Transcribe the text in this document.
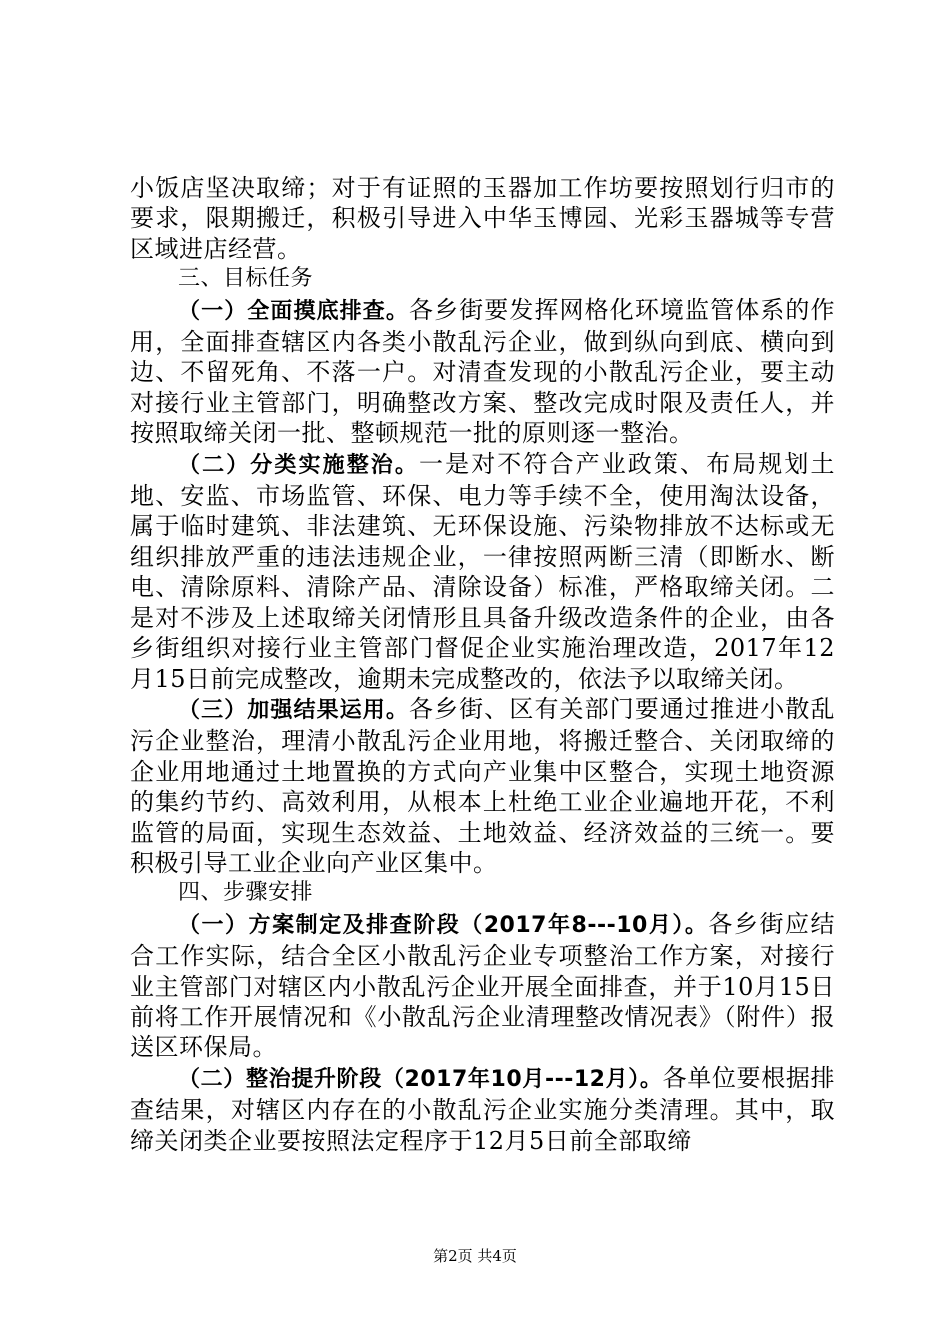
小饭店坚决取缔；对于有证照的玉器加工作坊要按照划行归市的要求，限期搬迁，积极引导进入中华玉博园、光彩玉器城等专营区域进店经营。

三、目标任务

（一）全面摸底排查。各乡街要发挥网格化环境监管体系的作用，全面排查辖区内各类小散乱污企业，做到纵向到底、横向到边、不留死角、不落一户。对清查发现的小散乱污企业，要主动对接行业主管部门，明确整改方案、整改完成时限及责任人，并按照取缔关闭一批、整顿规范一批的原则逐一整治。

（二）分类实施整治。一是对不符合产业政策、布局规划土地、安监、市场监管、环保、电力等手续不全，使用淘汰设备，属于临时建筑、非法建筑、无环保设施、污染物排放不达标或无组织排放严重的违法违规企业，一律按照两断三清（即断水、断电、清除原料、清除产品、清除设备）标准，严格取缔关闭。二是对不涉及上述取缔关闭情形且具备升级改造条件的企业，由各乡街组织对接行业主管部门督促企业实施治理改造，2017年12月15日前完成整改，逾期未完成整改的，依法予以取缔关闭。

（三）加强结果运用。各乡街、区有关部门要通过推进小散乱污企业整治，理清小散乱污企业用地，将搬迁整合、关闭取缔的企业用地通过土地置换的方式向产业集中区整合，实现土地资源的集约节约、高效利用，从根本上杜绝工业企业遍地开花，不利监管的局面，实现生态效益、土地效益、经济效益的三统一。要积极引导工业企业向产业区集中。

四、步骤安排

（一）方案制定及排查阶段（2017年8---10月）。各乡街应结合工作实际，结合全区小散乱污企业专项整治工作方案，对接行业主管部门对辖区内小散乱污企业开展全面排查，并于10月15日前将工作开展情况和《小散乱污企业清理整改情况表》（附件）报送区环保局。

（二）整治提升阶段（2017年10月---12月）。各单位要根据排查结果，对辖区内存在的小散乱污企业实施分类清理。其中，取缔关闭类企业要按照法定程序于12月5日前全部取缔

第2页 共4页
